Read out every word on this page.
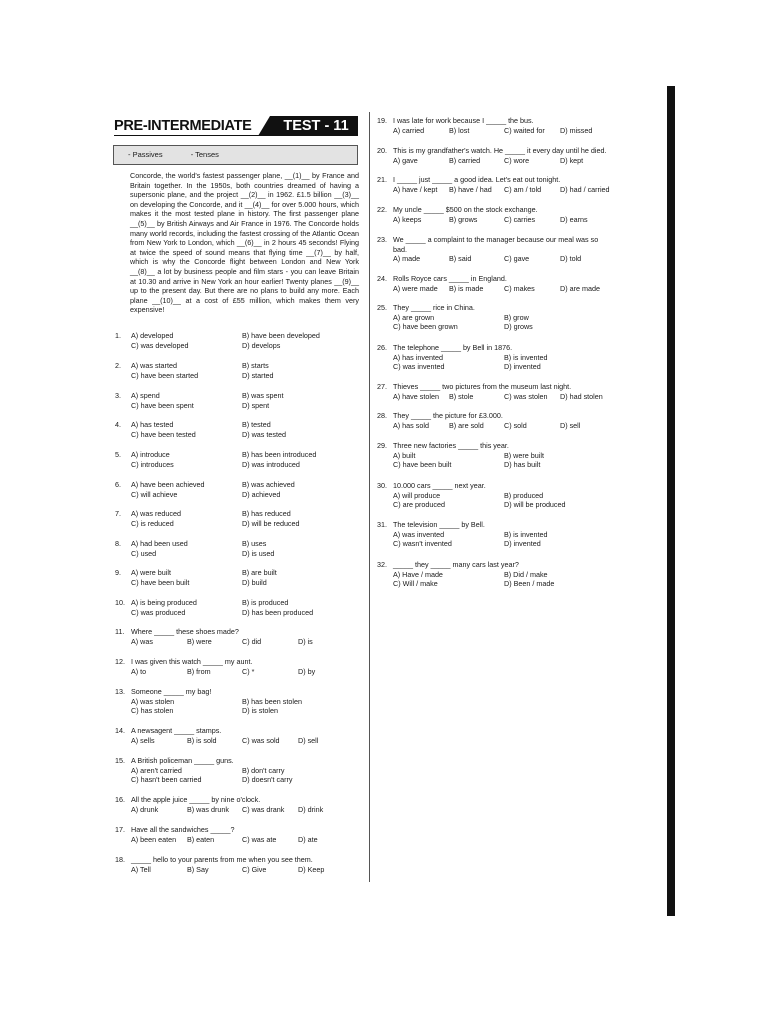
PRE-INTERMEDIATE	TEST - 11
- Passives	- Tenses

Concorde, the world's fastest passenger plane, __(1)__ by France and Britain together. In the 1950s, both countries dreamed of having a supersonic plane, and the project __(2)__ in 1962. £1.5 billion __(3)__ on developing the Concorde, and it __(4)__ for over 5.000 hours, which makes it the most tested plane in history. The first passenger plane __(5)__ by British Airways and Air France in 1976. The Concorde holds many world records, including the fastest crossing of the Atlantic Ocean from New York to London, which __(6)__ in 2 hours 45 seconds! Flying at twice the speed of sound means that flying time __(7)__ by half, which is why the Concorde flight between London and New York __(8)__ a lot by business people and film stars - you can leave Britain at 10.30 and arrive in New York an hour earlier! Twenty planes __(9)__ up to the present day. But there are no plans to build any more. Each plane __(10)__ at a cost of £55 million, which makes them very expensive!

1. A) developed	B) have been developed
C) was developed	D) develops
2. A) was started	B) starts
C) have been started	D) started
3. A) spend	B) was spent
C) have been spent	D) spent
4. A) has tested	B) tested
C) have been tested	D) was tested
5. A) introduce	B) has been introduced
C) introduces	D) was introduced
6. A) have been achieved	B) was achieved
C) will achieve	D) achieved
7. A) was reduced	B) has reduced
C) is reduced	D) will be reduced
8. A) had been used	B) uses
C) used	D) is used
9. A) were built	B) are built
C) have been built	D) build
10. A) is being produced	B) is produced
C) was produced	D) has been produced
11. Where _____ these shoes made?
A) was	B) were	C) did	D) is
12. I was given this watch _____ my aunt.
A) to	B) from	C) *	D) by
13. Someone _____ my bag!
A) was stolen	B) has been stolen
C) has stolen	D) is stolen
14. A newsagent _____ stamps.
A) sells	B) is sold	C) was sold	D) sell
15. A British policeman _____ guns.
A) aren't carried	B) don't carry
C) hasn't been carried	D) doesn't carry
16. All the apple juice _____ by nine o'clock.
A) drunk	B) was drunk C) was drank D) drink
17. Have all the sandwiches _____?
A) been eaten B) eaten	C) was ate	D) ate
18. _____ hello to your parents from me when you see them.
A) Tell	B) Say	C) Give	D) Keep
19. I was late for work because I _____ the bus.
A) carried	B) lost	C) waited for D) missed
20. This is my grandfather's watch. He _____ it every day until he died.
A) gave	B) carried	C) wore	D) kept
21. I _____ just _____ a good idea. Let's eat out tonight.
A) have / kept B) have / had C) am / told	D) had / carried
22. My uncle _____ $500 on the stock exchange.
A) keeps	B) grows	C) carries	D) earns
23. We _____ a complaint to the manager because our meal was so
bad.
A) made	B) said	C) gave	D) told
24. Rolls Royce cars _____ in England.
A) were made B) is made	C) makes	D) are made
25. They _____ rice in China.
A) are grown	B) grow
C) have been grown	D) grows
26. The telephone _____ by Bell in 1876.
A) has invented	B) is invented
C) was invented	D) invented
27. Thieves _____ two pictures from the museum last night.
A) have stolen B) stole	C) was stolen D) had stolen
28. They _____ the picture for £3.000.
A) has sold	B) are sold	C) sold	D) sell
29. Three new factories _____ this year.
A) built	B) were built
C) have been built	D) has built
30. 10.000 cars _____ next year.
A) will produce	B) produced
C) are produced	D) will be produced
31. The television _____ by Bell.
A) was invented	B) is invented
C) wasn't invented	D) invented
32. _____ they _____ many cars last year?
A) Have / made	B) Did / make
C) Will / make	D) Been / made
